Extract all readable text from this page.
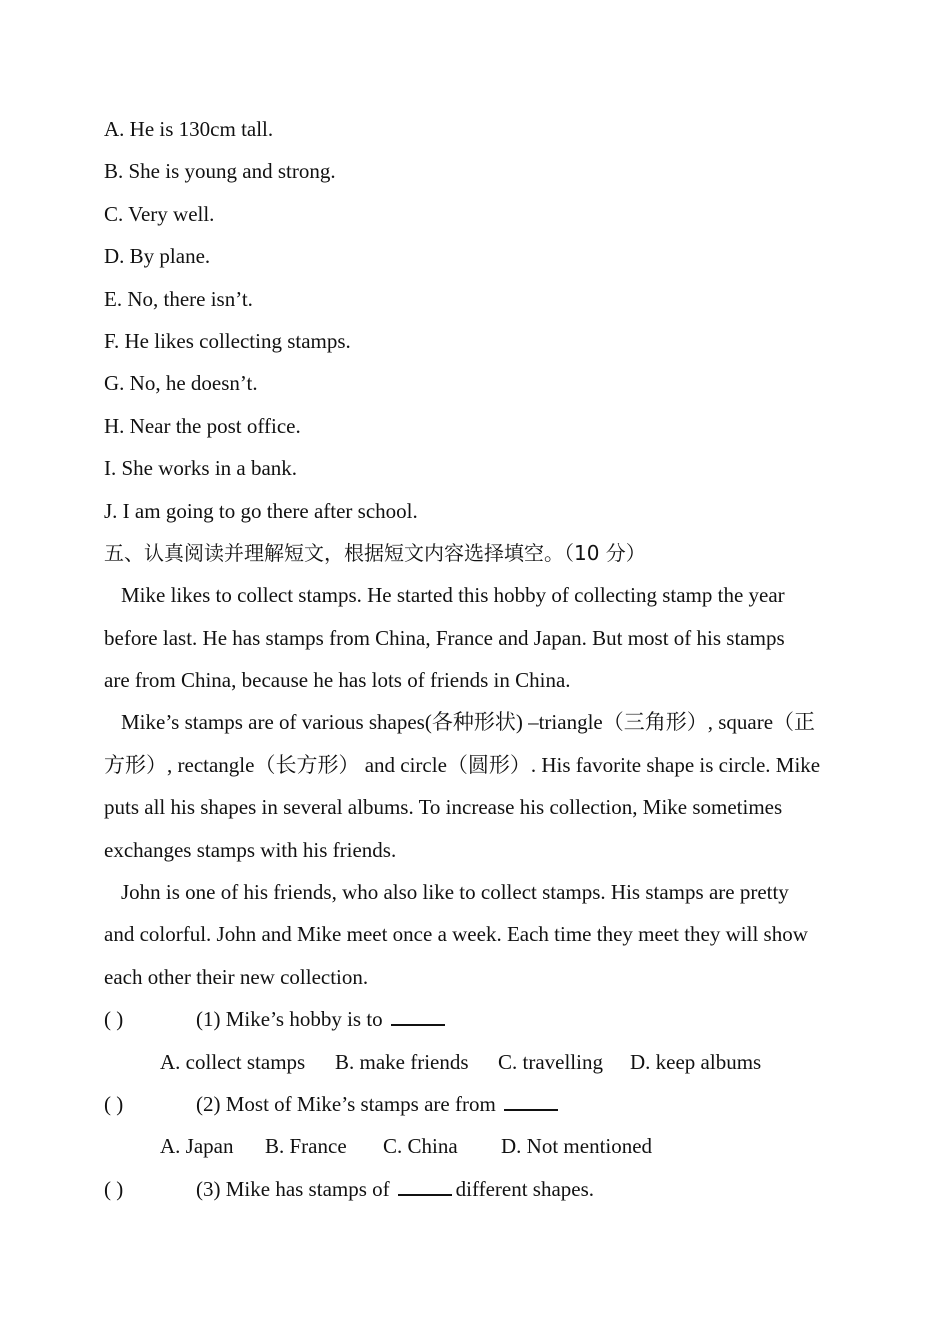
A. He is 130cm tall.
B. She is young and strong.
C. Very well.
D. By plane.
E. No, there isn’t.
F. He likes collecting stamps.
G. No, he doesn’t.
H. Near the post office.
I. She works in a bank.
J. I am going to go there after school.
五、认真阅读并理解短文，根据短文内容选择填空。（10 分）
Mike likes to collect stamps. He started this hobby of collecting stamp the year
before last. He has stamps from China, France and Japan. But most of his stamps
are from China, because he has lots of friends in China.
Mike’s stamps are of various shapes(各种形状) –triangle（三角形）, square（正
方形）, rectangle（长方形） and circle（圆形）. His favorite shape is circle. Mike
puts all his shapes in several albums. To increase his collection, Mike sometimes
exchanges stamps with his friends.
John is one of his friends, who also like to collect stamps. His stamps are pretty
and colorful. John and Mike meet once a week. Each time they meet they will show
each other their new collection.
( )	(1) Mike’s hobby is to
A. collect stamps B. make friends C. travelling D. keep albums
( )	(2) Most of Mike’s stamps are from
A. Japan B. France C. China D. Not mentioned
( )	(3) Mike has stamps of	different shapes.
